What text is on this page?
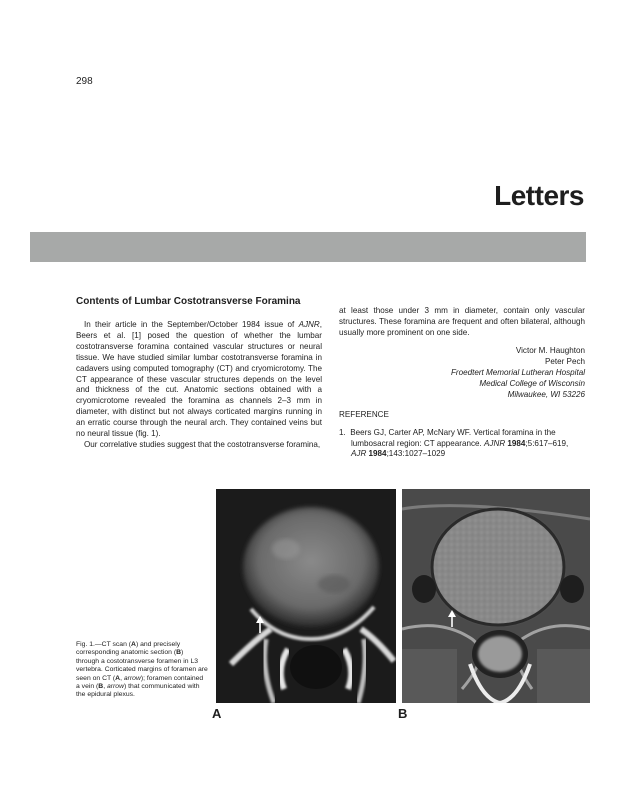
298
Letters
Contents of Lumbar Costotransverse Foramina

In their article in the September/October 1984 issue of AJNR, Beers et al. [1] posed the question of whether the lumbar costotransverse foramina contained vascular structures or neural tissue. We have studied similar lumbar costotransverse foramina in cadavers using computed tomography (CT) and cryomicrotomy. The CT appearance of these vascular structures depends on the level and thickness of the cut. Anatomic sections obtained with a cryomicrotome revealed the foramina as channels 2–3 mm in diameter, with distinct but not always corticated margins running in an erratic course through the neural arch. They contained veins but no neural tissue (fig. 1).

Our correlative studies suggest that the costotransverse foramina,

at least those under 3 mm in diameter, contain only vascular structures. These foramina are frequent and often bilateral, although usually more prominent on one side.

Victor M. Haughton
Peter Pech
Froedtert Memorial Lutheran Hospital
Medical College of Wisconsin
Milwaukee, WI 53226
REFERENCE
1. Beers GJ, Carter AP, McNary WF. Vertical foramina in the lumbosacral region: CT appearance. AJNR 1984;5:617–619, AJR 1984;143:1027–1029
Fig. 1.—CT scan (A) and precisely corresponding anatomic section (B) through a costotransverse foramen in L3 vertebra. Corticated margins of foramen are seen on CT (A, arrow); foramen contained a vein (B, arrow) that communicated with the epidural plexus.
A	B
